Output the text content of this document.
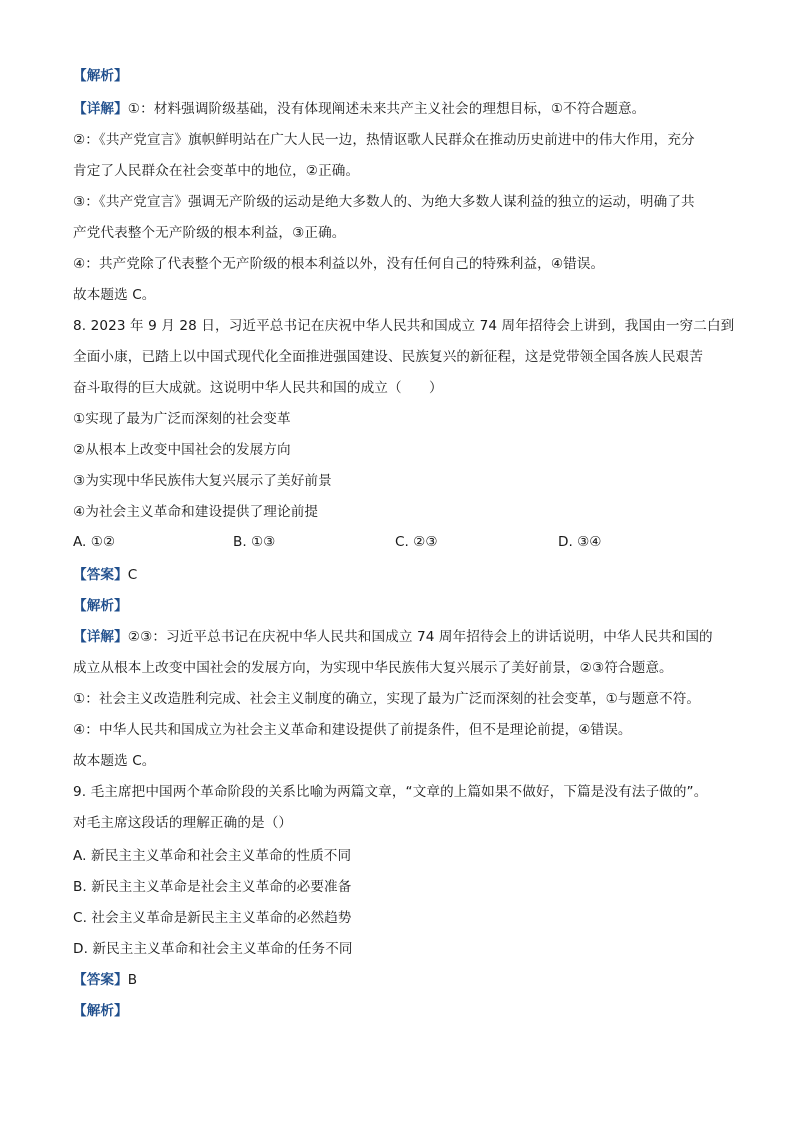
【解析】
【详解】①：材料强调阶级基础，没有体现阐述未来共产主义社会的理想目标，①不符合题意。
②：《共产党宣言》旗帜鲜明站在广大人民一边，热情讴歌人民群众在推动历史前进中的伟大作用，充分
肯定了人民群众在社会变革中的地位，②正确。
③：《共产党宣言》强调无产阶级的运动是绝大多数人的、为绝大多数人谋利益的独立的运动，明确了共
产党代表整个无产阶级的根本利益，③正确。
④：共产党除了代表整个无产阶级的根本利益以外，没有任何自己的特殊利益，④错误。
故本题选 C。
8. 2023 年 9 月 28 日，习近平总书记在庆祝中华人民共和国成立 74 周年招待会上讲到，我国由一穷二白到
全面小康，已踏上以中国式现代化全面推进强国建设、民族复兴的新征程，这是党带领全国各族人民艰苦
奋斗取得的巨大成就。这说明中华人民共和国的成立（　　）
①实现了最为广泛而深刻的社会变革
②从根本上改变中国社会的发展方向
③为实现中华民族伟大复兴展示了美好前景
④为社会主义革命和建设提供了理论前提
A. ①②	B. ①③	C. ②③	D. ③④
【答案】C
【解析】
【详解】②③：习近平总书记在庆祝中华人民共和国成立 74 周年招待会上的讲话说明，中华人民共和国的
成立从根本上改变中国社会的发展方向，为实现中华民族伟大复兴展示了美好前景，②③符合题意。
①：社会主义改造胜利完成、社会主义制度的确立，实现了最为广泛而深刻的社会变革，①与题意不符。
④：中华人民共和国成立为社会主义革命和建设提供了前提条件，但不是理论前提，④错误。
故本题选 C。
9. 毛主席把中国两个革命阶段的关系比喻为两篇文章，“文章的上篇如果不做好，下篇是没有法子做的”。
对毛主席这段话的理解正确的是（）
A. 新民主主义革命和社会主义革命的性质不同
B. 新民主主义革命是社会主义革命的必要准备
C. 社会主义革命是新民主主义革命的必然趋势
D. 新民主主义革命和社会主义革命的任务不同
【答案】B
【解析】
